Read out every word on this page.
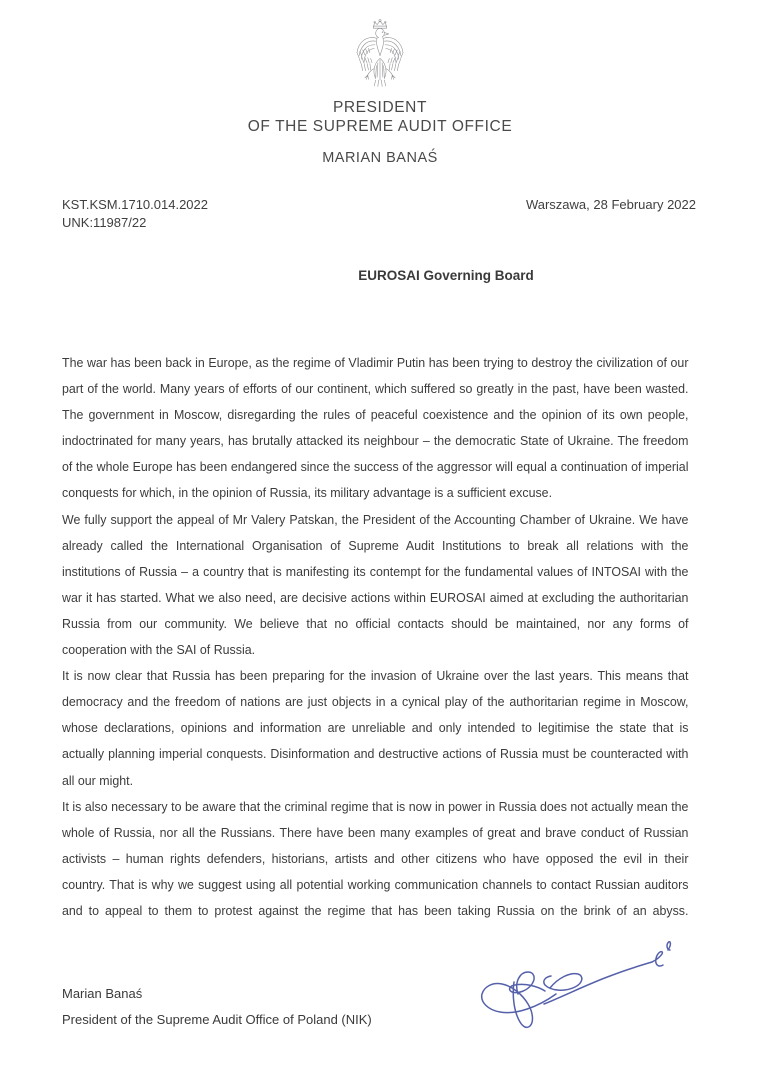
PRESIDENT
OF THE SUPREME AUDIT OFFICE
MARIAN BANAŚ
KST.KSM.1710.014.2022
UNK:11987/22
Warszawa, 28 February 2022
EUROSAI Governing Board

The war has been back in Europe, as the regime of Vladimir Putin has been trying to destroy the civilization of our part of the world. Many years of efforts of our continent, which suffered so greatly in the past, have been wasted. The government in Moscow, disregarding the rules of peaceful coexistence and the opinion of its own people, indoctrinated for many years, has brutally attacked its neighbour – the democratic State of Ukraine. The freedom of the whole Europe has been endangered since the success of the aggressor will equal a continuation of imperial conquests for which, in the opinion of Russia, its military advantage is a sufficient excuse.

We fully support the appeal of Mr Valery Patskan, the President of the Accounting Chamber of Ukraine. We have already called the International Organisation of Supreme Audit Institutions to break all relations with the institutions of Russia – a country that is manifesting its contempt for the fundamental values of INTOSAI with the war it has started. What we also need, are decisive actions within EUROSAI aimed at excluding the authoritarian Russia from our community. We believe that no official contacts should be maintained, nor any forms of cooperation with the SAI of Russia.

It is now clear that Russia has been preparing for the invasion of Ukraine over the last years. This means that democracy and the freedom of nations are just objects in a cynical play of the authoritarian regime in Moscow, whose declarations, opinions and information are unreliable and only intended to legitimise the state that is actually planning imperial conquests. Disinformation and destructive actions of Russia must be counteracted with all our might.

It is also necessary to be aware that the criminal regime that is now in power in Russia does not actually mean the whole of Russia, nor all the Russians. There have been many examples of great and brave conduct of Russian activists – human rights defenders, historians, artists and other citizens who have opposed the evil in their country. That is why we suggest using all potential working communication channels to contact Russian auditors and to appeal to them to protest against the regime that has been taking Russia on the brink of an abyss.

Marian Banaś
President of the Supreme Audit Office of Poland (NIK)
